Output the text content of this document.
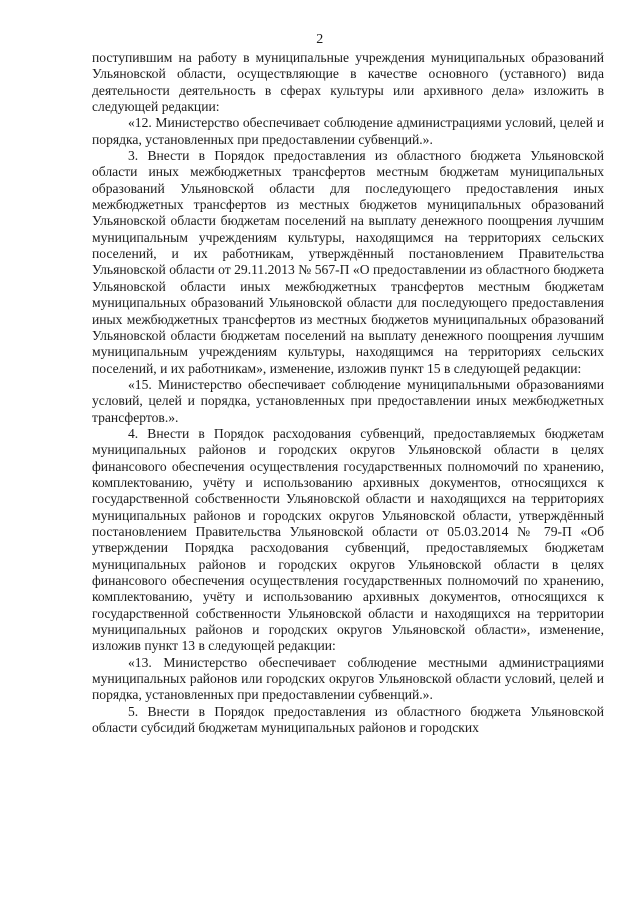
2

поступившим на работу в муниципальные учреждения муниципальных образований Ульяновской области, осуществляющие в качестве основного (уставного) вида деятельности деятельность в сферах культуры или архивного дела» изложить в следующей редакции:

«12. Министерство обеспечивает соблюдение администрациями условий, целей и порядка, установленных при предоставлении субвенций.».

3. Внести в Порядок предоставления из областного бюджета Ульяновской области иных межбюджетных трансфертов местным бюджетам муниципальных образований Ульяновской области для последующего предоставления иных межбюджетных трансфертов из местных бюджетов муниципальных образований Ульяновской области бюджетам поселений на выплату денежного поощрения лучшим муниципальным учреждениям культуры, находящимся на территориях сельских поселений, и их работникам, утверждённый постановлением Правительства Ульяновской области от 29.11.2013 № 567-П «О предоставлении из областного бюджета Ульяновской области иных межбюджетных трансфертов местным бюджетам муниципальных образований Ульяновской области для последующего предоставления иных межбюджетных трансфертов из местных бюджетов муниципальных образований Ульяновской области бюджетам поселений на выплату денежного поощрения лучшим муниципальным учреждениям культуры, находящимся на территориях сельских поселений, и их работникам», изменение, изложив пункт 15 в следующей редакции:

«15. Министерство обеспечивает соблюдение муниципальными образованиями условий, целей и порядка, установленных при предоставлении иных межбюджетных трансфертов.».

4. Внести в Порядок расходования субвенций, предоставляемых бюджетам муниципальных районов и городских округов Ульяновской области в целях финансового обеспечения осуществления государственных полномочий по хранению, комплектованию, учёту и использованию архивных документов, относящихся к государственной собственности Ульяновской области и находящихся на территориях муниципальных районов и городских округов Ульяновской области, утверждённый постановлением Правительства Ульяновской области от 05.03.2014 № 79-П «Об утверждении Порядка расходования субвенций, предоставляемых бюджетам муниципальных районов и городских округов Ульяновской области в целях финансового обеспечения осуществления государственных полномочий по хранению, комплектованию, учёту и использованию архивных документов, относящихся к государственной собственности Ульяновской области и находящихся на территории муниципальных районов и городских округов Ульяновской области», изменение, изложив пункт 13 в следующей редакции:

«13. Министерство обеспечивает соблюдение местными администрациями муниципальных районов или городских округов Ульяновской области условий, целей и порядка, установленных при предоставлении субвенций.».

5. Внести в Порядок предоставления из областного бюджета Ульяновской области субсидий бюджетам муниципальных районов и городских
